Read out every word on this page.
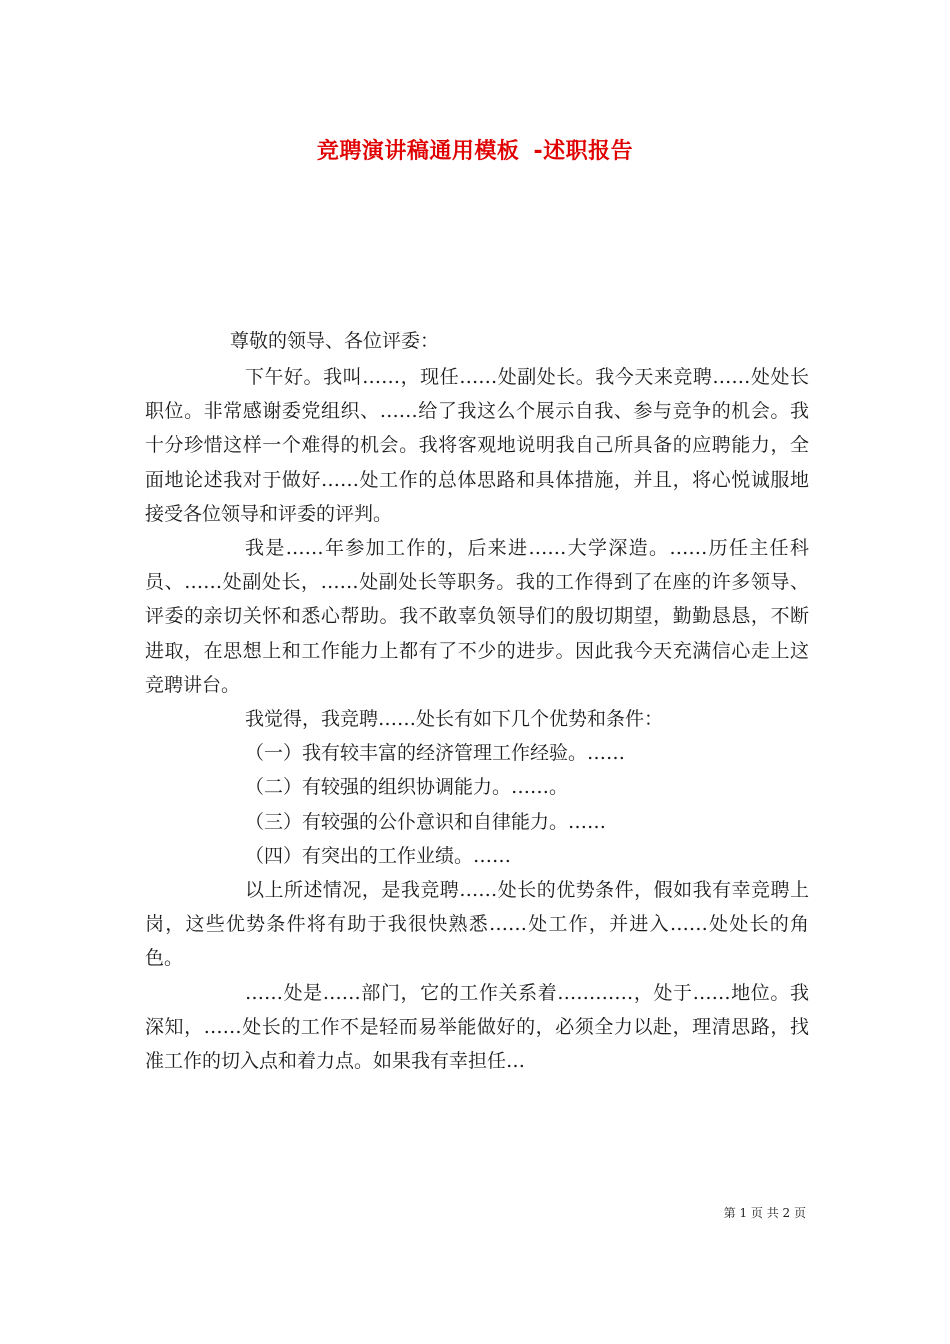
竞聘演讲稿通用模板 -述职报告
尊敬的领导、各位评委：

下午好。我叫……，现任……处副处长。我今天来竞聘……处处长职位。非常感谢委党组织、……给了我这么个展示自我、参与竞争的机会。我十分珍惜这样一个难得的机会。我将客观地说明我自己所具备的应聘能力，全面地论述我对于做好……处工作的总体思路和具体措施，并且，将心悦诚服地接受各位领导和评委的评判。

我是……年参加工作的，后来进……大学深造。……历任主任科员、……处副处长，……处副处长等职务。我的工作得到了在座的许多领导、评委的亲切关怀和悉心帮助。我不敢辜负领导们的殷切期望，勤勤恳恳，不断进取，在思想上和工作能力上都有了不少的进步。因此我今天充满信心走上这竞聘讲台。

我觉得，我竞聘……处长有如下几个优势和条件：

（一）我有较丰富的经济管理工作经验。……

（二）有较强的组织协调能力。……。

（三）有较强的公仆意识和自律能力。……

（四）有突出的工作业绩。……

以上所述情况，是我竞聘……处长的优势条件，假如我有幸竞聘上岗，这些优势条件将有助于我很快熟悉……处工作，并进入……处处长的角色。

……处是……部门，它的工作关系着…………，处于……地位。我深知，……处长的工作不是轻而易举能做好的，必须全力以赴，理清思路，找准工作的切入点和着力点。如果我有幸担任…

第 1 页 共 2 页
